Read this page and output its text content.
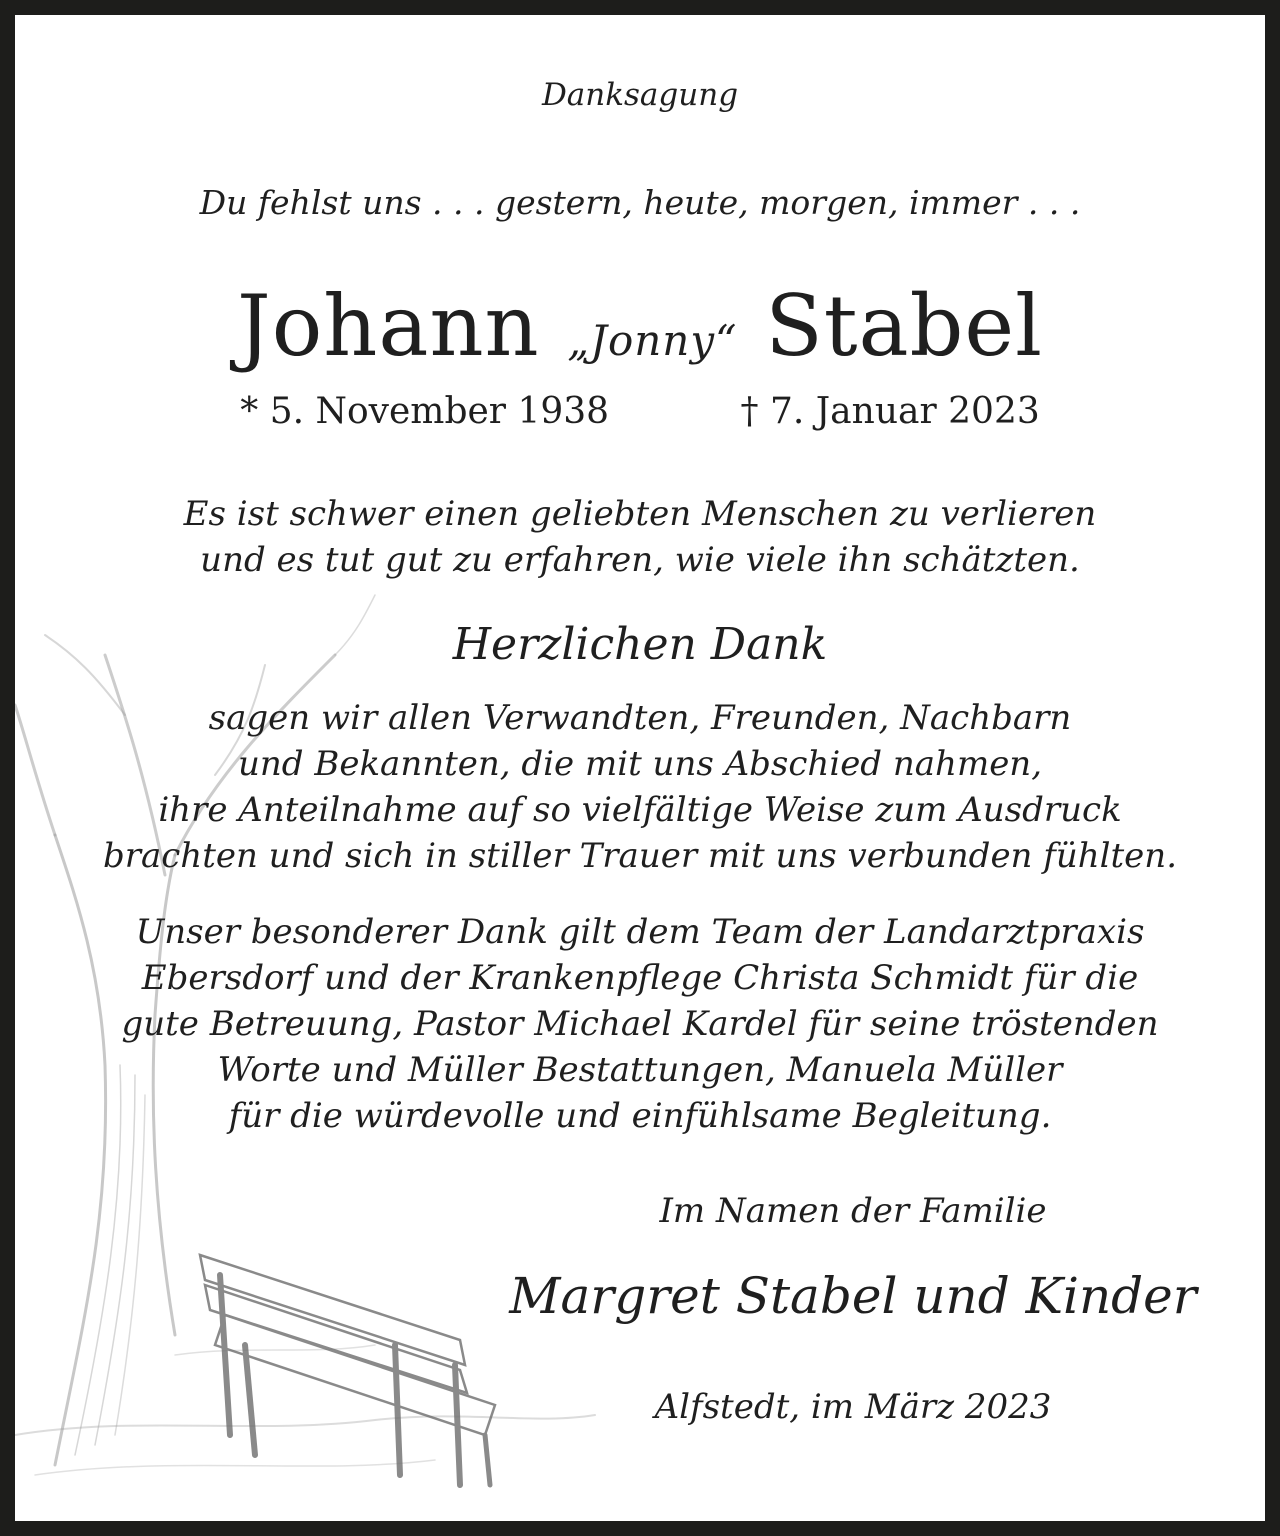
Danksagung

Du fehlst uns . . . gestern, heute, morgen, immer . . .

Johann „Jonny“ Stabel

* 5. November 1938	† 7. Januar 2023

Es ist schwer einen geliebten Menschen zu verlieren
und es tut gut zu erfahren, wie viele ihn schätzten.

Herzlichen Dank

sagen wir allen Verwandten, Freunden, Nachbarn
und Bekannten, die mit uns Abschied nahmen,
ihre Anteilnahme auf so vielfältige Weise zum Ausdruck
brachten und sich in stiller Trauer mit uns verbunden fühlten.
Unser besonderer Dank gilt dem Team der Landarztpraxis
Ebersdorf und der Krankenpflege Christa Schmidt für die
gute Betreuung, Pastor Michael Kardel für seine tröstenden
Worte und Müller Bestattungen, Manuela Müller
für die würdevolle und einfühlsame Begleitung.

Im Namen der Familie

Margret Stabel und Kinder

Alfstedt, im März 2023
